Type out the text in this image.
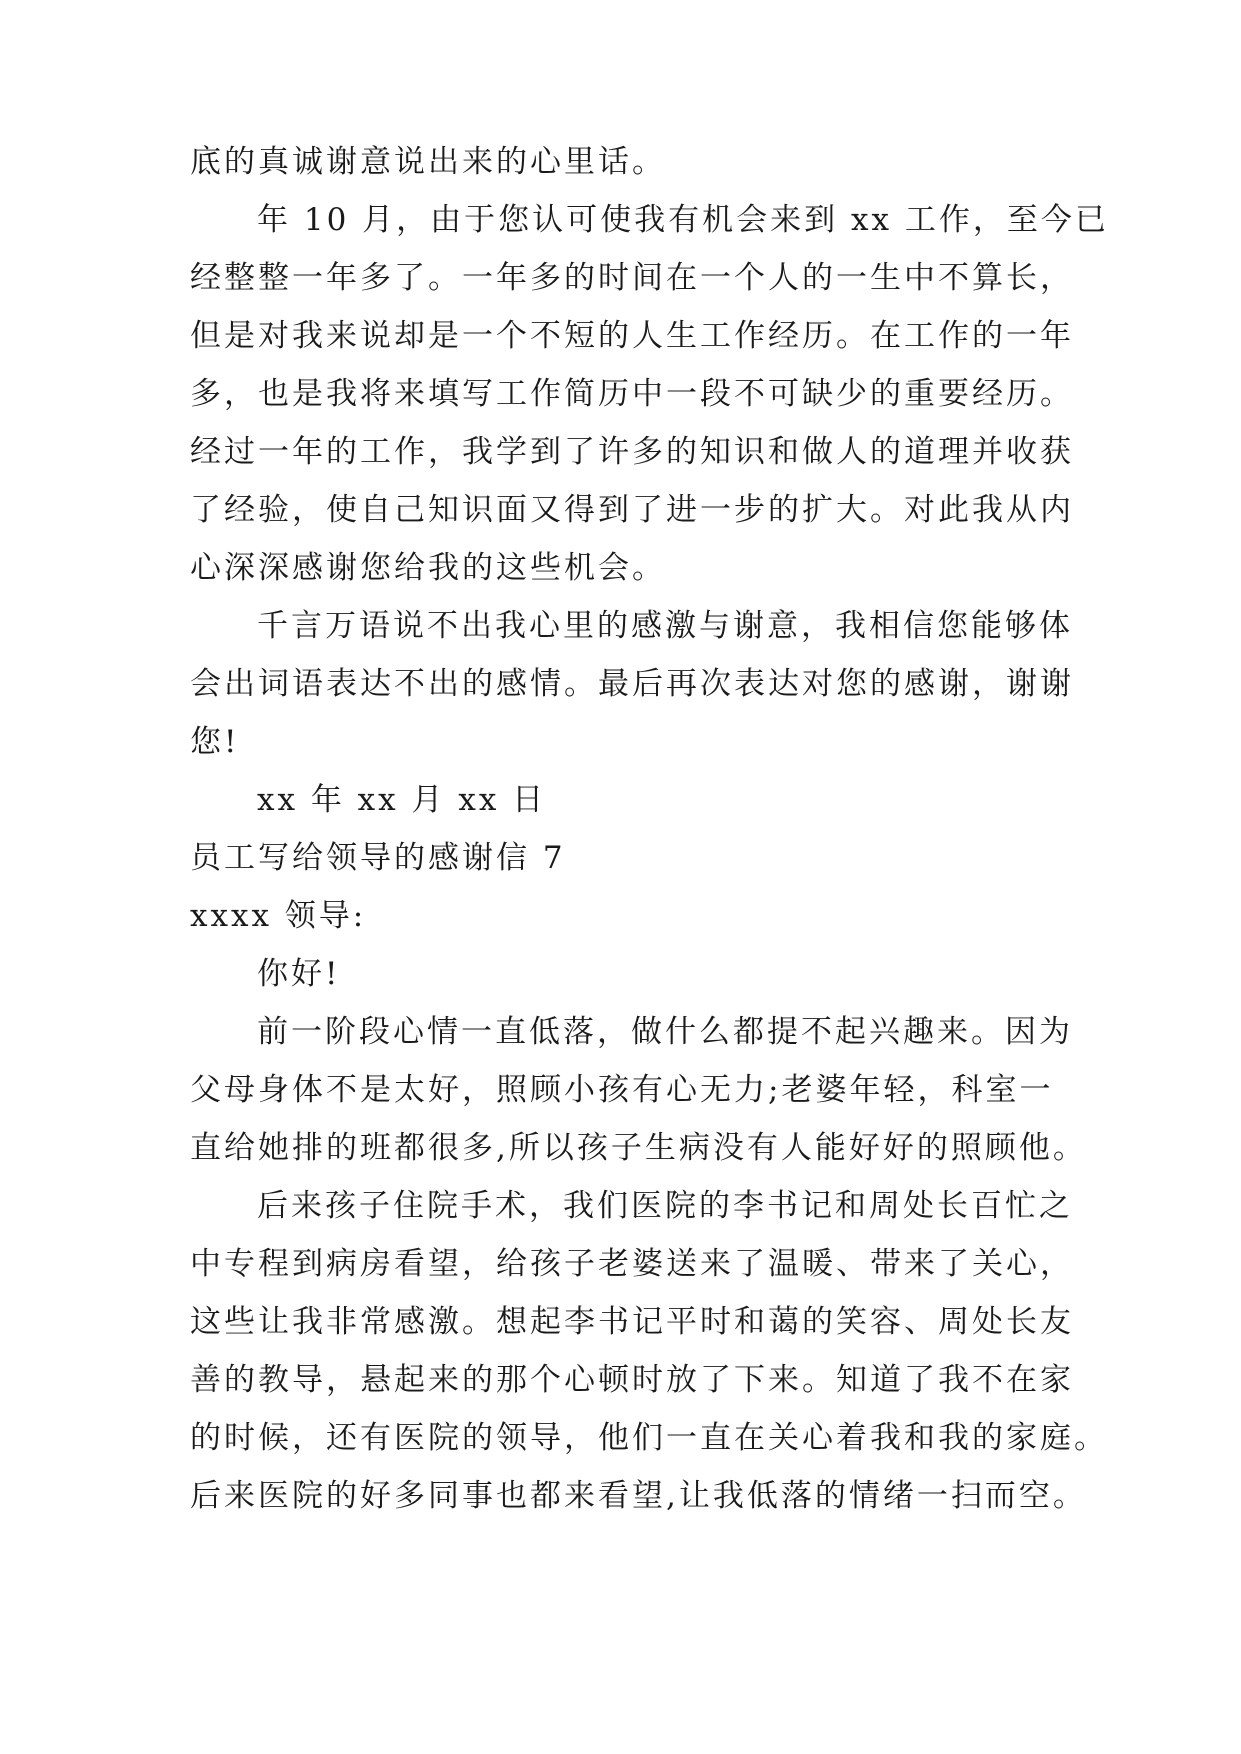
底的真诚谢意说出来的心里话。
年 10 月，由于您认可使我有机会来到 xx 工作，至今已
经整整一年多了。一年多的时间在一个人的一生中不算长，
但是对我来说却是一个不短的人生工作经历。在工作的一年
多，也是我将来填写工作简历中一段不可缺少的重要经历。
经过一年的工作，我学到了许多的知识和做人的道理并收获
了经验，使自己知识面又得到了进一步的扩大。对此我从内
心深深感谢您给我的这些机会。
千言万语说不出我心里的感激与谢意，我相信您能够体
会出词语表达不出的感情。最后再次表达对您的感谢，谢谢
您!
xx 年 xx 月 xx 日
员工写给领导的感谢信 7
xxxx 领导:
你好!
前一阶段心情一直低落，做什么都提不起兴趣来。因为
父母身体不是太好，照顾小孩有心无力;老婆年轻，科室一
直给她排的班都很多,所以孩子生病没有人能好好的照顾他。
后来孩子住院手术，我们医院的李书记和周处长百忙之
中专程到病房看望，给孩子老婆送来了温暖、带来了关心，
这些让我非常感激。想起李书记平时和蔼的笑容、周处长友
善的教导，悬起来的那个心顿时放了下来。知道了我不在家
的时候，还有医院的领导，他们一直在关心着我和我的家庭。
后来医院的好多同事也都来看望,让我低落的情绪一扫而空。
